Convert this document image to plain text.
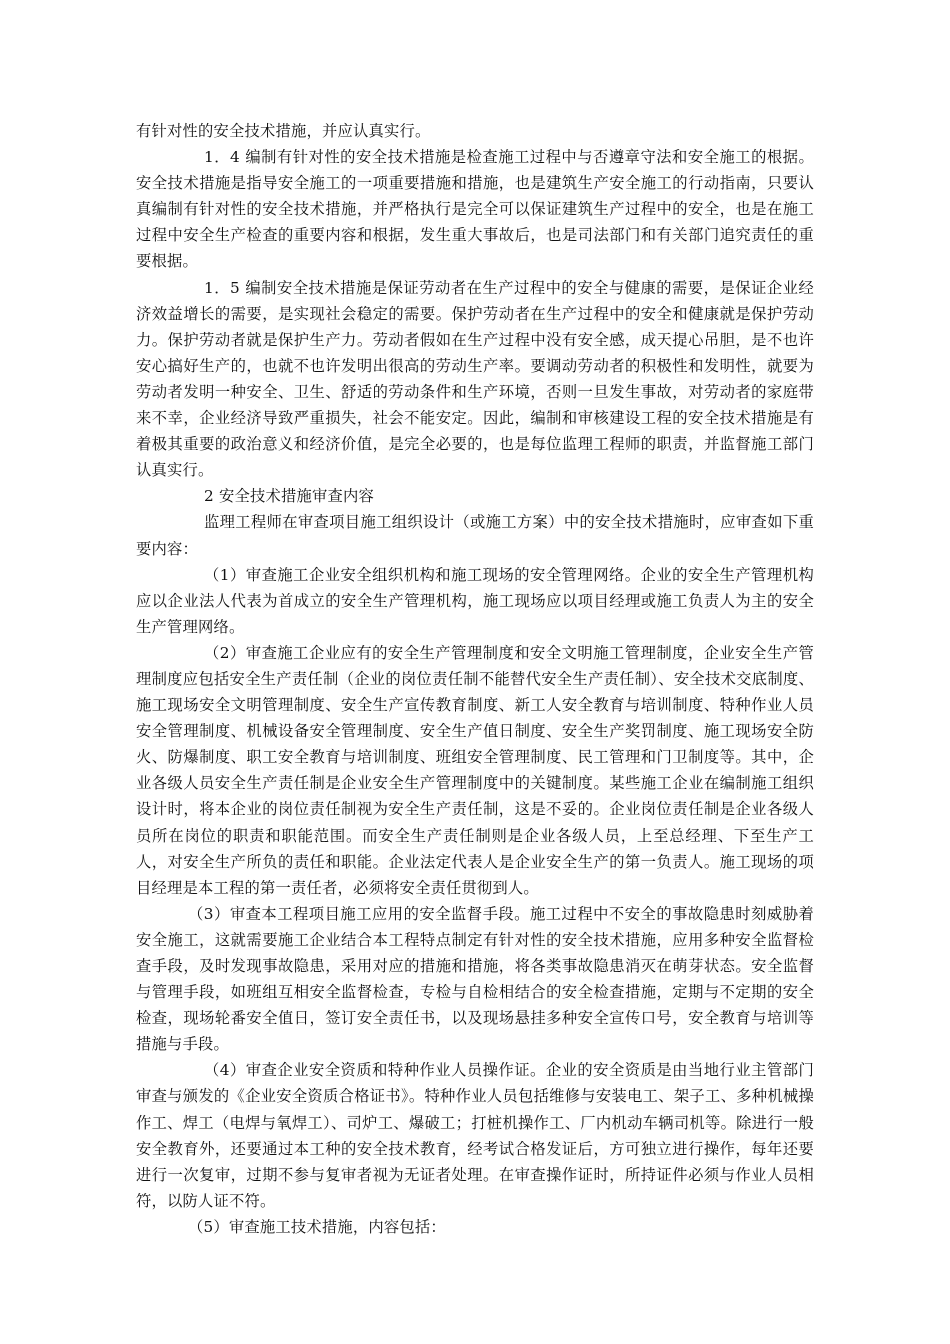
有针对性的安全技术措施，并应认真实行。

1．4 编制有针对性的安全技术措施是检查施工过程中与否遵章守法和安全施工的根据。安全技术措施是指导安全施工的一项重要措施和措施，也是建筑生产安全施工的行动指南，只要认真编制有针对性的安全技术措施，并严格执行是完全可以保证建筑生产过程中的安全，也是在施工过程中安全生产检查的重要内容和根据，发生重大事故后，也是司法部门和有关部门追究责任的重要根据。

1．5 编制安全技术措施是保证劳动者在生产过程中的安全与健康的需要，是保证企业经济效益增长的需要，是实现社会稳定的需要。保护劳动者在生产过程中的安全和健康就是保护劳动力。保护劳动者就是保护生产力。劳动者假如在生产过程中没有安全感，成天提心吊胆，是不也许安心搞好生产的，也就不也许发明出很高的劳动生产率。要调动劳动者的积极性和发明性，就要为劳动者发明一种安全、卫生、舒适的劳动条件和生产环境，否则一旦发生事故，对劳动者的家庭带来不幸，企业经济导致严重损失，社会不能安定。因此，编制和审核建设工程的安全技术措施是有着极其重要的政治意义和经济价值，是完全必要的，也是每位监理工程师的职责，并监督施工部门认真实行。

2 安全技术措施审查内容

监理工程师在审查项目施工组织设计（或施工方案）中的安全技术措施时，应审查如下重要内容：

（1）审查施工企业安全组织机构和施工现场的安全管理网络。企业的安全生产管理机构应以企业法人代表为首成立的安全生产管理机构，施工现场应以项目经理或施工负责人为主的安全生产管理网络。

（2）审查施工企业应有的安全生产管理制度和安全文明施工管理制度，企业安全生产管理制度应包括安全生产责任制（企业的岗位责任制不能替代安全生产责任制）、安全技术交底制度、施工现场安全文明管理制度、安全生产宣传教育制度、新工人安全教育与培训制度、特种作业人员安全管理制度、机械设备安全管理制度、安全生产值日制度、安全生产奖罚制度、施工现场安全防火、防爆制度、职工安全教育与培训制度、班组安全管理制度、民工管理和门卫制度等。其中，企业各级人员安全生产责任制是企业安全生产管理制度中的关键制度。某些施工企业在编制施工组织设计时，将本企业的岗位责任制视为安全生产责任制，这是不妥的。企业岗位责任制是企业各级人员所在岗位的职责和职能范围。而安全生产责任制则是企业各级人员，上至总经理、下至生产工人，对安全生产所负的责任和职能。企业法定代表人是企业安全生产的第一负责人。施工现场的项目经理是本工程的第一责任者，必须将安全责任贯彻到人。

（3）审查本工程项目施工应用的安全监督手段。施工过程中不安全的事故隐患时刻威胁着安全施工，这就需要施工企业结合本工程特点制定有针对性的安全技术措施，应用多种安全监督检查手段，及时发现事故隐患，采用对应的措施和措施，将各类事故隐患消灭在萌芽状态。安全监督与管理手段，如班组互相安全监督检查，专检与自检相结合的安全检查措施，定期与不定期的安全检查，现场轮番安全值日，签订安全责任书，以及现场悬挂多种安全宣传口号，安全教育与培训等措施与手段。

（4）审查企业安全资质和特种作业人员操作证。企业的安全资质是由当地行业主管部门审查与颁发的《企业安全资质合格证书》。特种作业人员包括维修与安装电工、架子工、多种机械操作工、焊工（电焊与氧焊工）、司炉工、爆破工；打桩机操作工、厂内机动车辆司机等。除进行一般安全教育外，还要通过本工种的安全技术教育，经考试合格发证后，方可独立进行操作，每年还要进行一次复审，过期不参与复审者视为无证者处理。在审查操作证时，所持证件必须与作业人员相符，以防人证不符。

（5）审查施工技术措施，内容包括：
